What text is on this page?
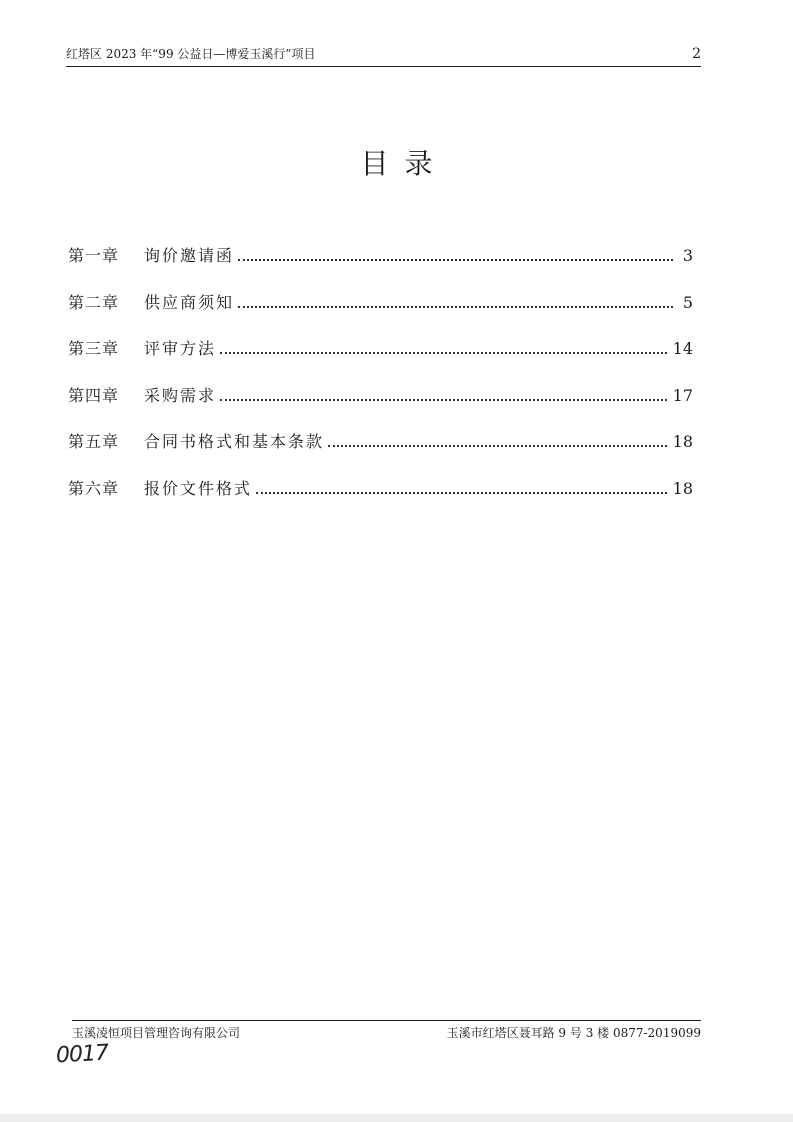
红塔区 2023 年“99 公益日—博爱玉溪行”项目	2
目录
第一章	询价邀请函	3
第二章	供应商须知	5
第三章	评审方法	14
第四章	采购需求	17
第五章	合同书格式和基本条款	18
第六章	报价文件格式	18
玉溪凌恒项目管理咨询有限公司	玉溪市红塔区聂耳路 9 号 3 楼 0877-2019099
0017
